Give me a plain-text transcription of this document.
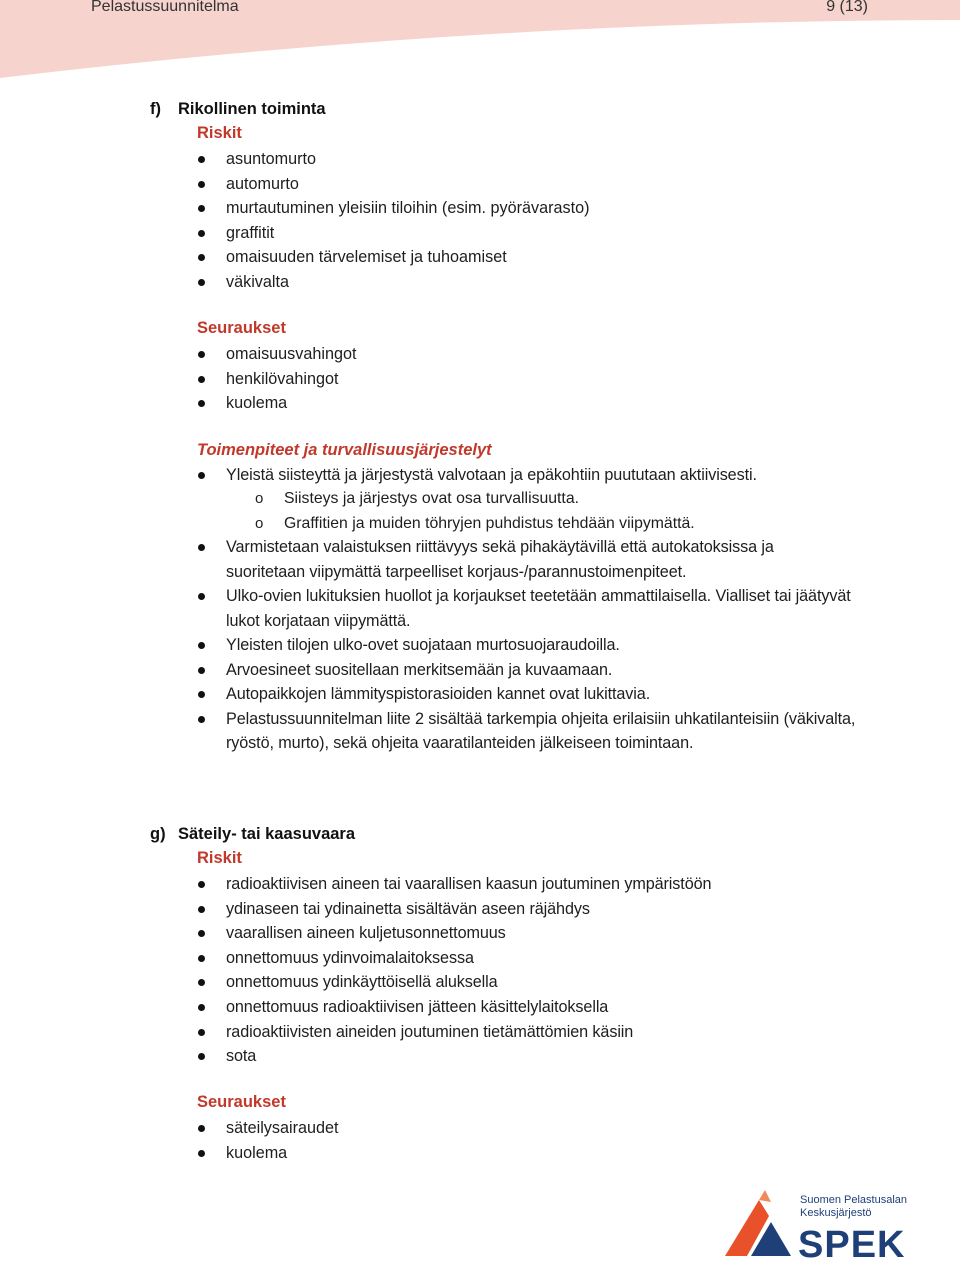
Pelastussuunnitelma	9 (13)
f) Rikollinen toiminta
Riskit
asuntomurto
automurto
murtautuminen yleisiin tiloihin (esim. pyörävarasto)
graffitit
omaisuuden tärvelemiset ja tuhoamiset
väkivalta
Seuraukset
omaisuusvahingot
henkilövahingot
kuolema
Toimenpiteet ja turvallisuusjärjestelyt
Yleistä siisteyttä ja järjestystä valvotaan ja epäkohtiin puututaan aktiivisesti.
o Siisteys ja järjestys ovat osa turvallisuutta.
o Graffitien ja muiden töhryjen puhdistus tehdään viipymättä.
Varmistetaan valaistuksen riittävyys sekä pihakäytävillä että autokatoksissa ja suoritetaan viipymättä tarpeelliset korjaus-/parannustoimenpiteet.
Ulko-ovien lukituksien huollot ja korjaukset teetetään ammattilaisella. Vialliset tai jäätyvät lukot korjataan viipymättä.
Yleisten tilojen ulko-ovet suojataan murtosuojaraudoilla.
Arvoesineet suositellaan merkitsemään ja kuvaamaan.
Autopaikkojen lämmityspistorasioiden kannet ovat lukittavia.
Pelastussuunnitelman liite 2 sisältää tarkempia ohjeita erilaisiin uhkatilanteisiin (väkivalta, ryöstö, murto), sekä ohjeita vaaratilanteiden jälkeiseen toimintaan.
g) Säteily- tai kaasuvaara
Riskit
radioaktiivisen aineen tai vaarallisen kaasun joutuminen ympäristöön
ydinaseen tai ydinainetta sisältävän aseen räjähdys
vaarallisen aineen kuljetusonnettomuus
onnettomuus ydinvoimalaitoksessa
onnettomuus ydinkäyttöisellä aluksella
onnettomuus radioaktiivisen jätteen käsittelylaitoksella
radioaktiivisten aineiden joutuminen tietämättömien käsiin
sota
Seuraukset
säteilysairaudet
kuolema
Suomen Pelastusalan
Keskusjärjestö
SPEK
